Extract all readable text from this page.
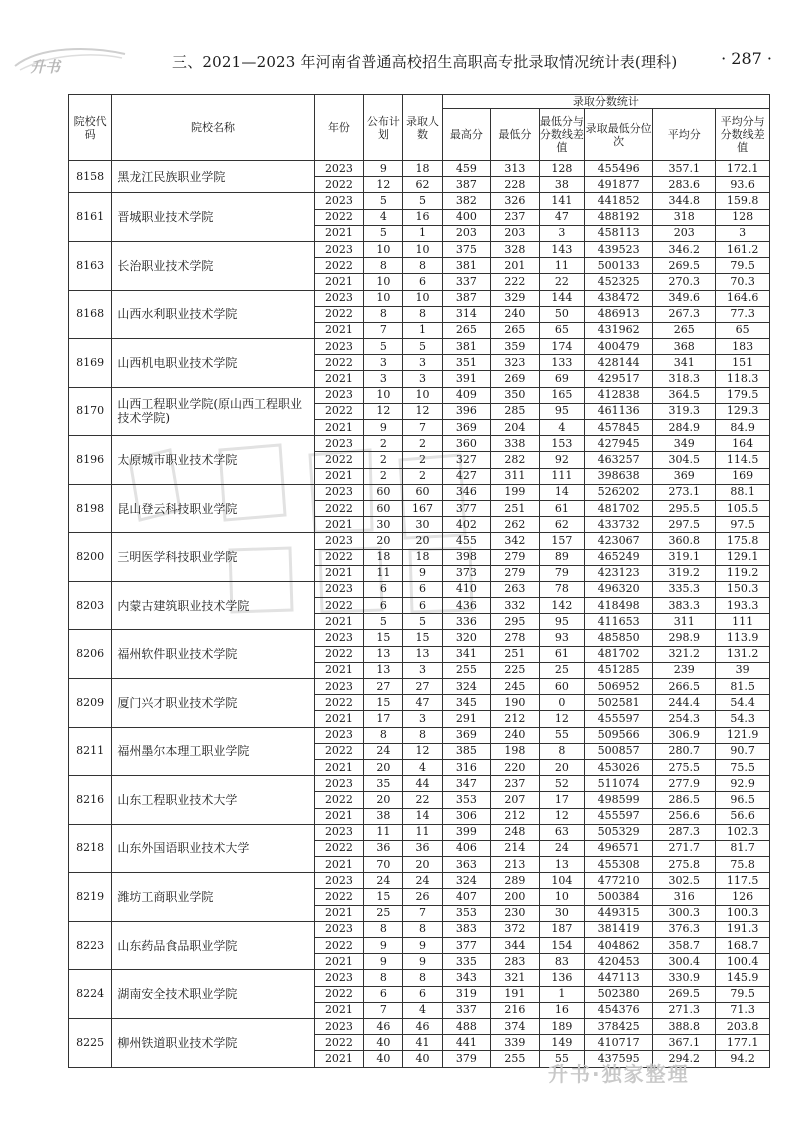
升书	三、2021—2023 年河南省普通高校招生高职高专批录取情况统计表(理科)	· 287 ·
院校代码	院校名称	年份	公布计划	录取人数	录取分数统计					
					最高分	最低分	最低分与分数线差值	录取最低分位次	平均分	平均分与分数线差值
8158	黑龙江民族职业学院	2023	9	18	459	313	128	455496	357.1	172.1
		2022	12	62	387	228	38	491877	283.6	93.6
8161	晋城职业技术学院	2023	5	5	382	326	141	441852	344.8	159.8
		2022	4	16	400	237	47	488192	318	128
		2021	5	1	203	203	3	458113	203	3
8163	长治职业技术学院	2023	10	10	375	328	143	439523	346.2	161.2
		2022	8	8	381	201	11	500133	269.5	79.5
		2021	10	6	337	222	22	452325	270.3	70.3
8168	山西水利职业技术学院	2023	10	10	387	329	144	438472	349.6	164.6
		2022	8	8	314	240	50	486913	267.3	77.3
		2021	7	1	265	265	65	431962	265	65
8169	山西机电职业技术学院	2023	5	5	381	359	174	400479	368	183
		2022	3	3	351	323	133	428144	341	151
		2021	3	3	391	269	69	429517	318.3	118.3
8170	山西工程职业学院(原山西工程职业技术学院)	2023	10	10	409	350	165	412838	364.5	179.5
		2022	12	12	396	285	95	461136	319.3	129.3
		2021	9	7	369	204	4	457845	284.9	84.9
8196	太原城市职业技术学院	2023	2	2	360	338	153	427945	349	164
		2022	2	2	327	282	92	463257	304.5	114.5
		2021	2	2	427	311	111	398638	369	169
8198	昆山登云科技职业学院	2023	60	60	346	199	14	526202	273.1	88.1
		2022	60	167	377	251	61	481702	295.5	105.5
		2021	30	30	402	262	62	433732	297.5	97.5
8200	三明医学科技职业学院	2023	20	20	455	342	157	423067	360.8	175.8
		2022	18	18	398	279	89	465249	319.1	129.1
		2021	11	9	373	279	79	423123	319.2	119.2
8203	内蒙古建筑职业技术学院	2023	6	6	410	263	78	496320	335.3	150.3
		2022	6	6	436	332	142	418498	383.3	193.3
		2021	5	5	336	295	95	411653	311	111
8206	福州软件职业技术学院	2023	15	15	320	278	93	485850	298.9	113.9
		2022	13	13	341	251	61	481702	321.2	131.2
		2021	13	3	255	225	25	451285	239	39
8209	厦门兴才职业技术学院	2023	27	27	324	245	60	506952	266.5	81.5
		2022	15	47	345	190	0	502581	244.4	54.4
		2021	17	3	291	212	12	455597	254.3	54.3
8211	福州墨尔本理工职业学院	2023	8	8	369	240	55	509566	306.9	121.9
		2022	24	12	385	198	8	500857	280.7	90.7
		2021	20	4	316	220	20	453026	275.5	75.5
8216	山东工程职业技术大学	2023	35	44	347	237	52	511074	277.9	92.9
		2022	20	22	353	207	17	498599	286.5	96.5
		2021	38	14	306	212	12	455597	256.6	56.6
8218	山东外国语职业技术大学	2023	11	11	399	248	63	505329	287.3	102.3
		2022	36	36	406	214	24	496571	271.7	81.7
		2021	70	20	363	213	13	455308	275.8	75.8
8219	潍坊工商职业学院	2023	24	24	324	289	104	477210	302.5	117.5
		2022	15	26	407	200	10	500384	316	126
		2021	25	7	353	230	30	449315	300.3	100.3
8223	山东药品食品职业学院	2023	8	8	383	372	187	381419	376.3	191.3
		2022	9	9	377	344	154	404862	358.7	168.7
		2021	9	9	335	283	83	420453	300.4	100.4
8224	湖南安全技术职业学院	2023	8	8	343	321	136	447113	330.9	145.9
		2022	6	6	319	191	1	502380	269.5	79.5
		2021	7	4	337	216	16	454376	271.3	71.3
8225	柳州铁道职业技术学院	2023	46	46	488	374	189	378425	388.8	203.8
		2022	40	41	441	339	149	410717	367.1	177.1
		2021	40	40	379	255	55	437595	294.2	94.2
升书·独家整理
